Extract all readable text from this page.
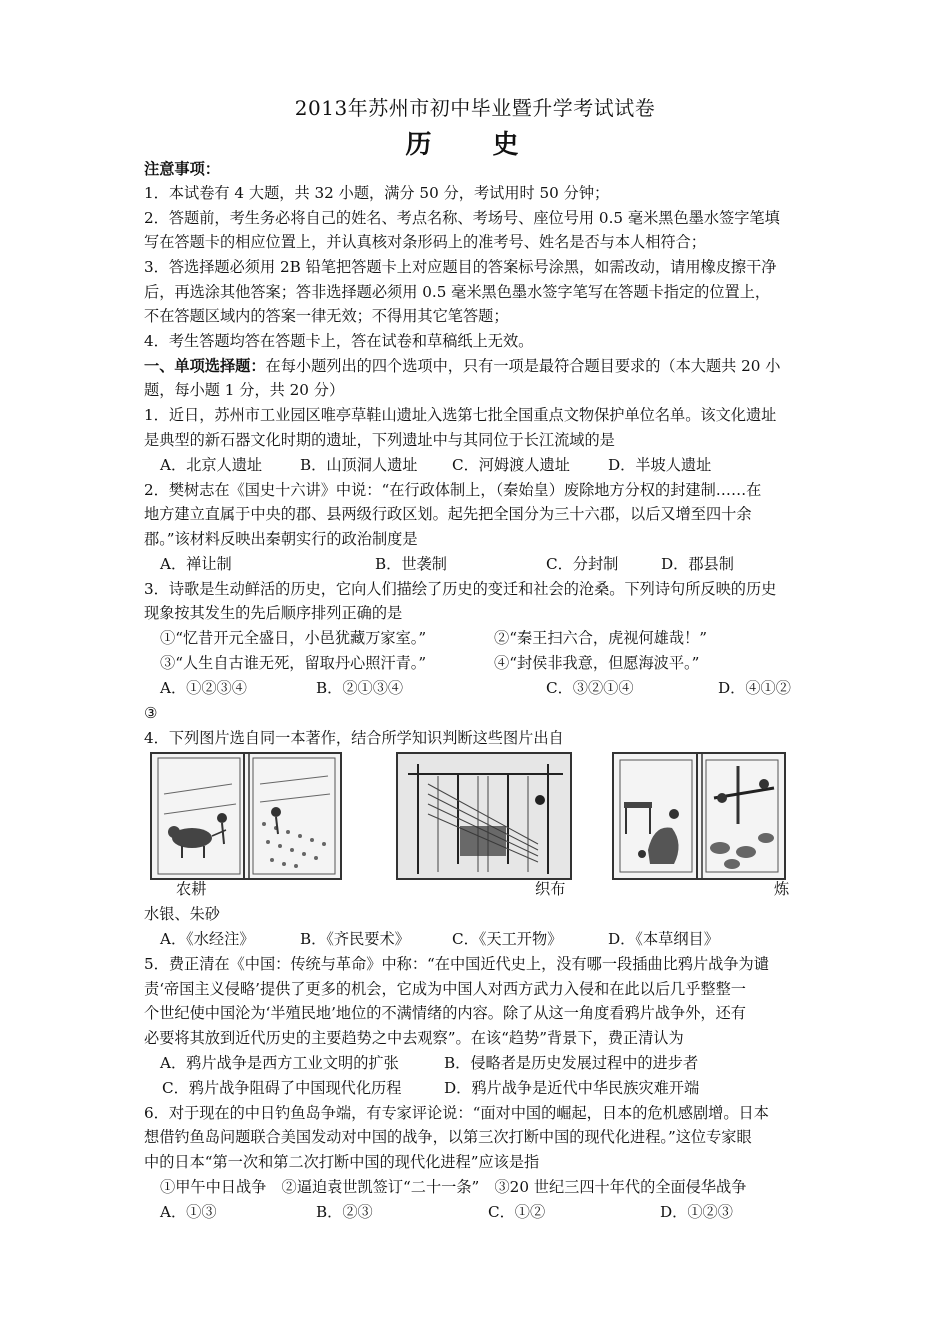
2013年苏州市初中毕业暨升学考试试卷
历 史
注意事项：
1．本试卷有 4 大题，共 32 小题，满分 50 分，考试用时 50 分钟；
2．答题前，考生务必将自己的姓名、考点名称、考场号、座位号用 0.5 毫米黑色墨水签字笔填
写在答题卡的相应位置上，并认真核对条形码上的准考号、姓名是否与本人相符合；
3．答选择题必须用 2B 铅笔把答题卡上对应题目的答案标号涂黑，如需改动，请用橡皮擦干净
后，再选涂其他答案；答非选择题必须用 0.5 毫米黑色墨水签字笔写在答题卡指定的位置上，
不在答题区域内的答案一律无效；不得用其它笔答题；
4．考生答题均答在答题卡上，答在试卷和草稿纸上无效。
一、单项选择题：在每小题列出的四个选项中，只有一项是最符合题目要求的（本大题共 20 小
题，每小题 1 分，共 20 分）
1．近日，苏州市工业园区唯亭草鞋山遗址入选第七批全国重点文物保护单位名单。该文化遗址
是典型的新石器文化时期的遗址，下列遗址中与其同位于长江流域的是
A．北京人遗址 B．山顶洞人遗址 C．河姆渡人遗址	D．半坡人遗址
2．樊树志在《国史十六讲》中说：“在行政体制上，（秦始皇）废除地方分权的封建制……在
地方建立直属于中央的郡、县两级行政区划。起先把全国分为三十六郡，以后又增至四十余
郡。”该材料反映出秦朝实行的政治制度是
A．禅让制	B．世袭制	C．分封制	D．郡县制
3．诗歌是生动鲜活的历史，它向人们描绘了历史的变迁和社会的沧桑。下列诗句所反映的历史
现象按其发生的先后顺序排列正确的是
①“忆昔开元全盛日，小邑犹藏万家室。”	②“秦王扫六合，虎视何雄哉！”
③“人生自古谁无死，留取丹心照汗青。”	④“封侯非我意，但愿海波平。”
A．①②③④	B．②①③④	C．③②①④	D．④①②
③
4．下列图片选自同一本著作，结合所学知识判断这些图片出自
农耕	织布	炼
水银、朱砂
A．《水经注》	B．《齐民要术》	C．《天工开物》	D．《本草纲目》
5．费正清在《中国：传统与革命》中称：“在中国近代史上，没有哪一段插曲比鸦片战争为谴
责‘帝国主义侵略’提供了更多的机会，它成为中国人对西方武力入侵和在此以后几乎整整一
个世纪使中国沦为‘半殖民地’地位的不满情绪的内容。除了从这一角度看鸦片战争外，还有
必要将其放到近代历史的主要趋势之中去观察”。在该“趋势”背景下，费正清认为
A．鸦片战争是西方工业文明的扩张	B．侵略者是历史发展过程中的进步者
C．鸦片战争阻碍了中国现代化历程	D．鸦片战争是近代中华民族灾难开端
6．对于现在的中日钓鱼岛争端，有专家评论说：“面对中国的崛起，日本的危机感剧增。日本
想借钓鱼岛问题联合美国发动对中国的战争，以第三次打断中国的现代化进程。”这位专家眼
中的日本“第一次和第二次打断中国的现代化进程”应该是指
①甲午中日战争　②逼迫袁世凯签订“二十一条”　③20 世纪三四十年代的全面侵华战争
A．①③	B．②③	C．①②	D．①②③
